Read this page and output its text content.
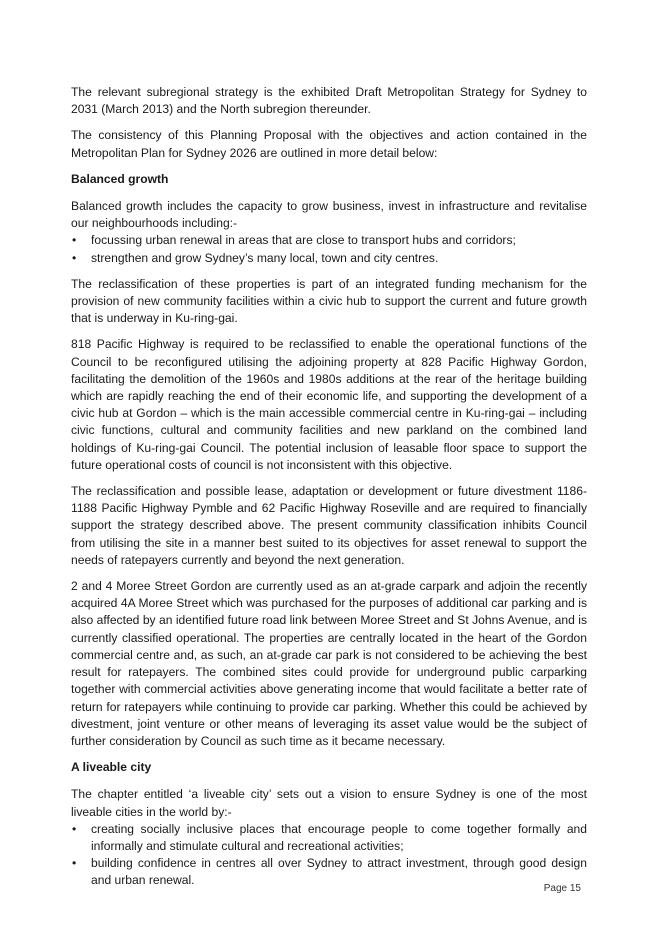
The relevant subregional strategy is the exhibited Draft Metropolitan Strategy for Sydney to 2031 (March 2013) and the North subregion thereunder.

The consistency of this Planning Proposal with the objectives and action contained in the Metropolitan Plan for Sydney 2026 are outlined in more detail below:

Balanced growth

Balanced growth includes the capacity to grow business, invest in infrastructure and revitalise our neighbourhoods including:-

• focussing urban renewal in areas that are close to transport hubs and corridors;
• strengthen and grow Sydney’s many local, town and city centres.

The reclassification of these properties is part of an integrated funding mechanism for the provision of new community facilities within a civic hub to support the current and future growth that is underway in Ku-ring-gai.

818 Pacific Highway is required to be reclassified to enable the operational functions of the Council to be reconfigured utilising the adjoining property at 828 Pacific Highway Gordon, facilitating the demolition of the 1960s and 1980s additions at the rear of the heritage building which are rapidly reaching the end of their economic life, and supporting the development of a civic hub at Gordon – which is the main accessible commercial centre in Ku-ring-gai – including civic functions, cultural and community facilities and new parkland on the combined land holdings of Ku-ring-gai Council. The potential inclusion of leasable floor space to support the future operational costs of council is not inconsistent with this objective.

The reclassification and possible lease, adaptation or development or future divestment 1186-1188 Pacific Highway Pymble and 62 Pacific Highway Roseville and are required to financially support the strategy described above. The present community classification inhibits Council from utilising the site in a manner best suited to its objectives for asset renewal to support the needs of ratepayers currently and beyond the next generation.

2 and 4 Moree Street Gordon are currently used as an at-grade carpark and adjoin the recently acquired 4A Moree Street which was purchased for the purposes of additional car parking and is also affected by an identified future road link between Moree Street and St Johns Avenue, and is currently classified operational. The properties are centrally located in the heart of the Gordon commercial centre and, as such, an at-grade car park is not considered to be achieving the best result for ratepayers. The combined sites could provide for underground public carparking together with commercial activities above generating income that would facilitate a better rate of return for ratepayers while continuing to provide car parking. Whether this could be achieved by divestment, joint venture or other means of leveraging its asset value would be the subject of further consideration by Council as such time as it became necessary.

A liveable city

The chapter entitled ‘a liveable city’ sets out a vision to ensure Sydney is one of the most liveable cities in the world by:-

• creating socially inclusive places that encourage people to come together formally and informally and stimulate cultural and recreational activities;
• building confidence in centres all over Sydney to attract investment, through good design and urban renewal.
Page 15
